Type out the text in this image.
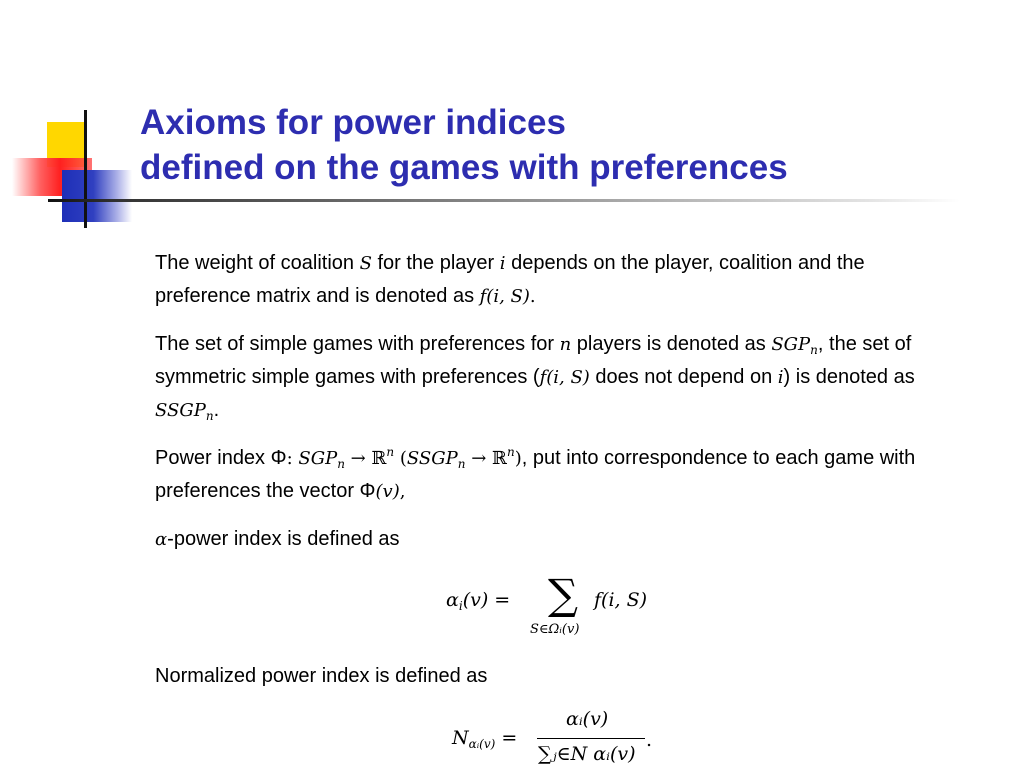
Axioms for power indices
defined on the games with preferences

The weight of coalition S for the player i depends on the player, coalition and the preference matrix and is denoted as f(i, S).

The set of simple games with preferences for n players is denoted as $SGP_n$, the set of symmetric simple games with preferences (f(i, S) does not depend on i) is denoted as $SSGP_n$.

Power index Φ: $SGP_n$ → ℝ$^n$ ($SSGP_n$ → ℝ$^n$), put into correspondence to each game with preferences the vector Φ(v),

α-power index is defined as

$\alpha_i(v)$ = ∑
S∈Ωᵢ(v)
f(i, S)
Normalized power index is defined as
$N_{\alpha ᵢ(v)}$ =
αᵢ(v)
∑ⱼ∈N αᵢ(v)
.
